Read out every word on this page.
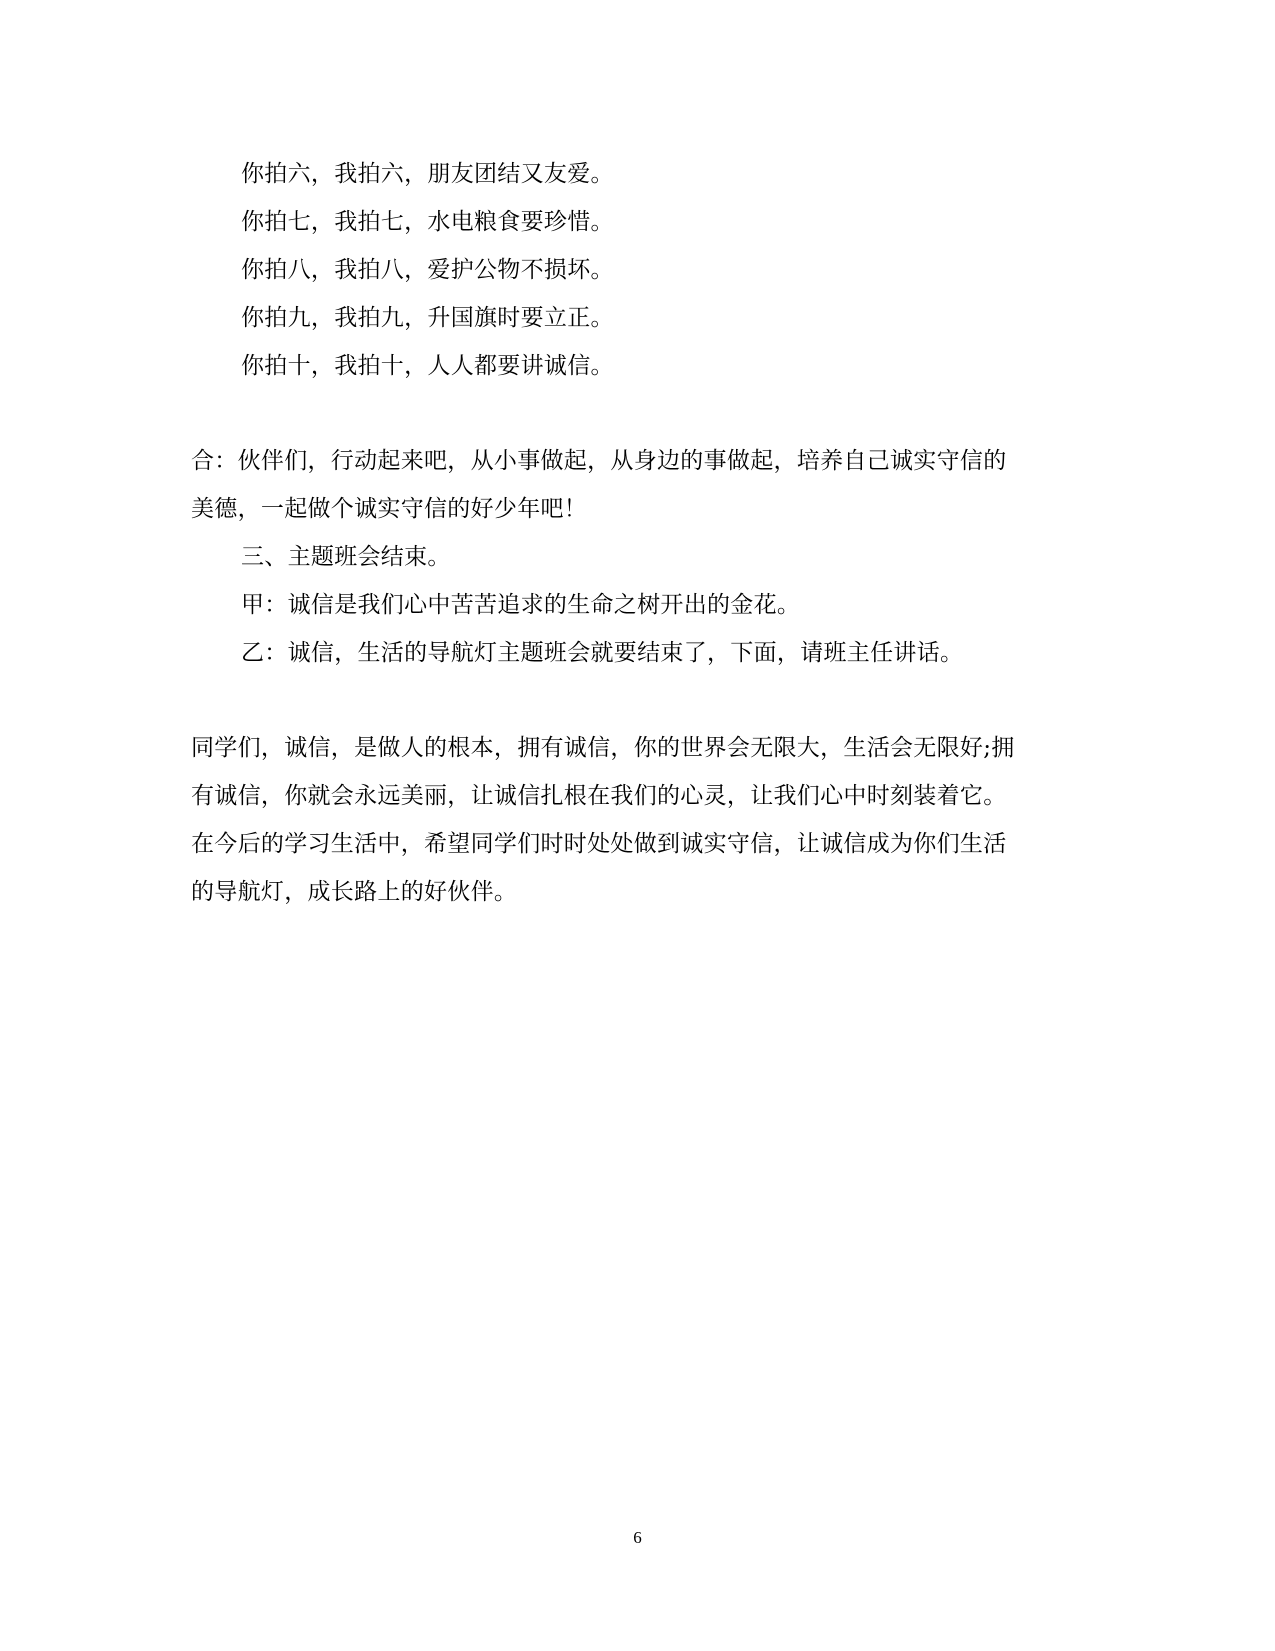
你拍六，我拍六，朋友团结又友爱。
你拍七，我拍七，水电粮食要珍惜。
你拍八，我拍八，爱护公物不损坏。
你拍九，我拍九，升国旗时要立正。
你拍十，我拍十，人人都要讲诚信。
合：伙伴们，行动起来吧，从小事做起，从身边的事做起，培养自己诚实守信的
美德，一起做个诚实守信的好少年吧！
三、主题班会结束。
甲：诚信是我们心中苦苦追求的生命之树开出的金花。
乙：诚信，生活的导航灯主题班会就要结束了，下面，请班主任讲话。
同学们，诚信，是做人的根本，拥有诚信，你的世界会无限大，生活会无限好;拥
有诚信，你就会永远美丽，让诚信扎根在我们的心灵，让我们心中时刻装着它。
在今后的学习生活中，希望同学们时时处处做到诚实守信，让诚信成为你们生活
的导航灯，成长路上的好伙伴。
6
